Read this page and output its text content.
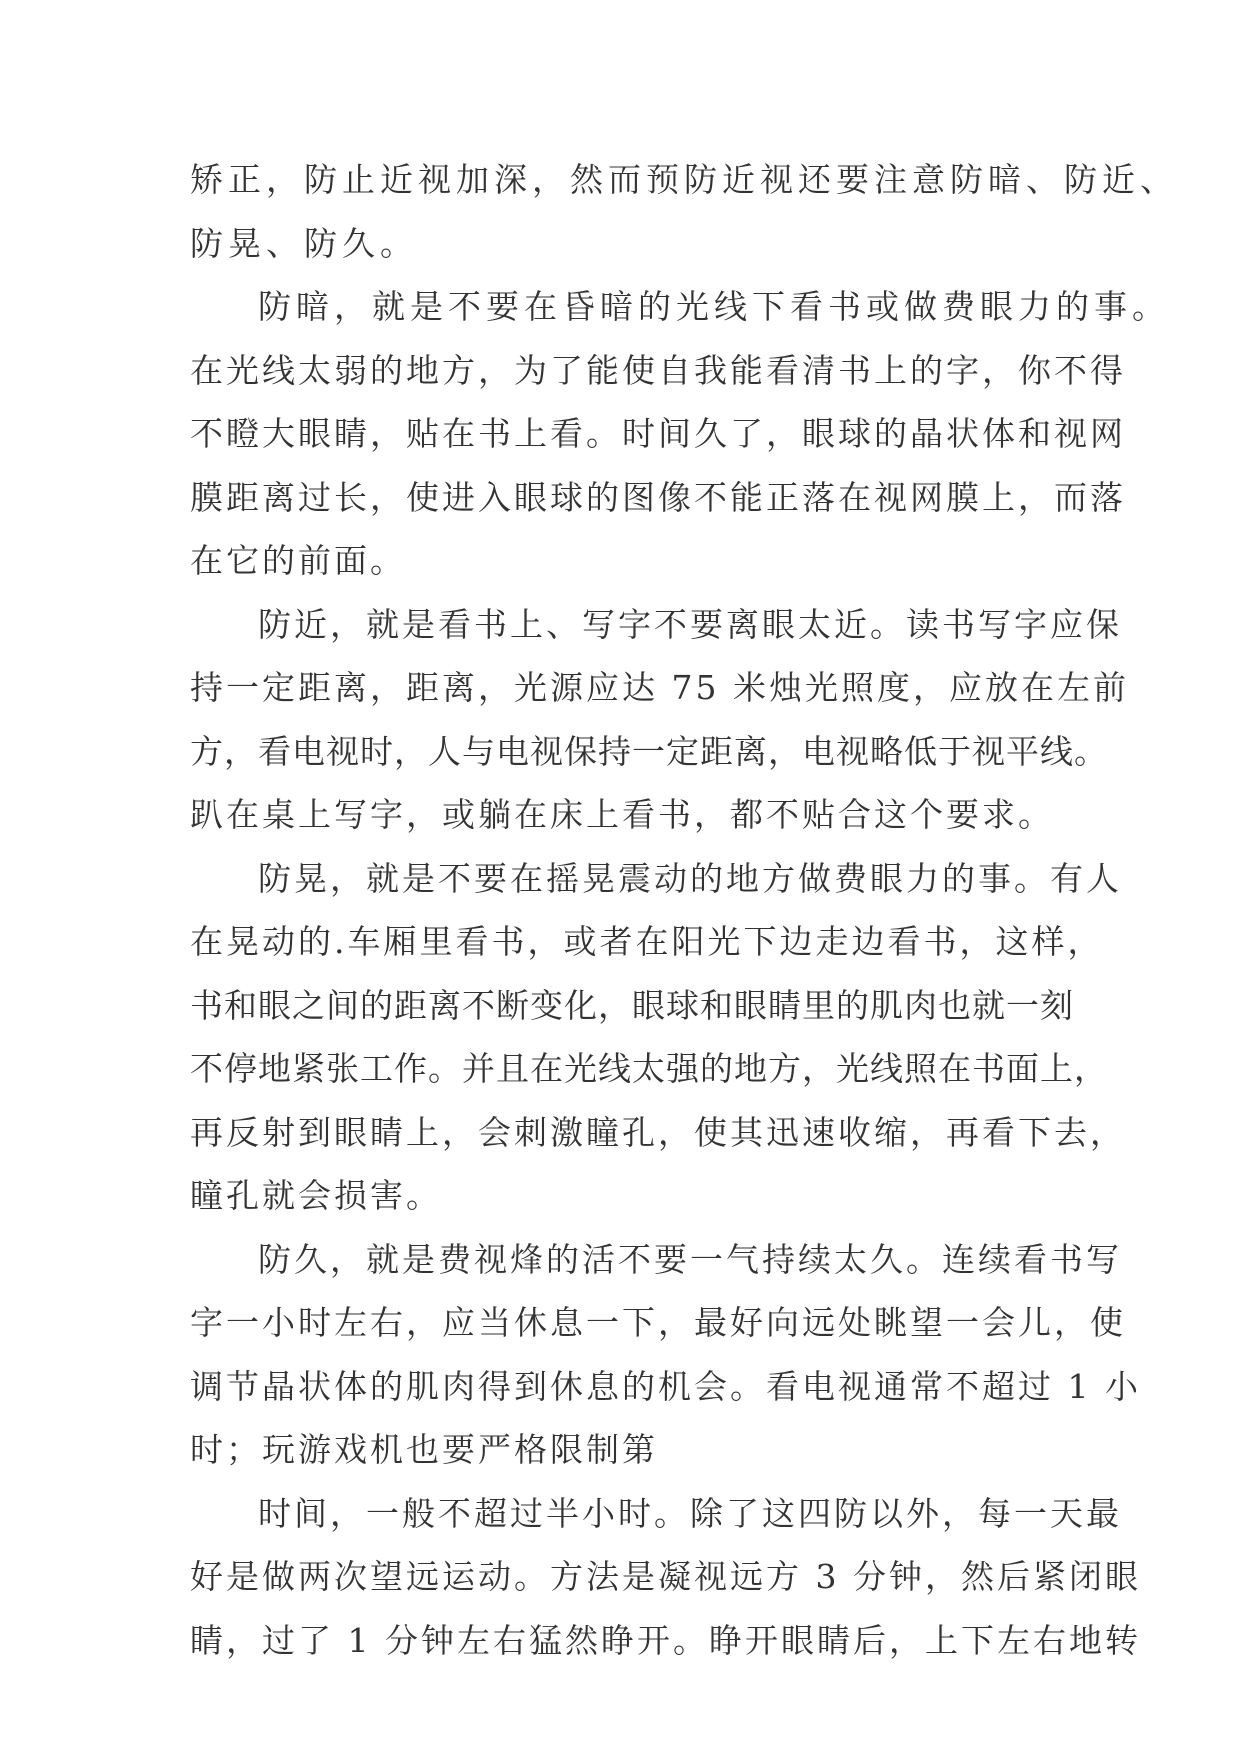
矫正，防止近视加深，然而预防近视还要注意防暗、防近、
防晃、防久。
防暗，就是不要在昏暗的光线下看书或做费眼力的事。
在光线太弱的地方，为了能使自我能看清书上的字，你不得
不瞪大眼睛，贴在书上看。时间久了，眼球的晶状体和视网
膜距离过长，使进入眼球的图像不能正落在视网膜上，而落
在它的前面。
防近，就是看书上、写字不要离眼太近。读书写字应保
持一定距离，距离，光源应达 75 米烛光照度，应放在左前
方，看电视时，人与电视保持一定距离，电视略低于视平线。
趴在桌上写字，或躺在床上看书，都不贴合这个要求。
防晃，就是不要在摇晃震动的地方做费眼力的事。有人
在晃动的.车厢里看书，或者在阳光下边走边看书，这样，
书和眼之间的距离不断变化，眼球和眼睛里的肌肉也就一刻
不停地紧张工作。并且在光线太强的地方，光线照在书面上，
再反射到眼睛上，会刺激瞳孔，使其迅速收缩，再看下去，
瞳孔就会损害。
防久，就是费视烽的活不要一气持续太久。连续看书写
字一小时左右，应当休息一下，最好向远处眺望一会儿，使
调节晶状体的肌肉得到休息的机会。看电视通常不超过 1 小
时；玩游戏机也要严格限制第
时间，一般不超过半小时。除了这四防以外，每一天最
好是做两次望远运动。方法是凝视远方 3 分钟，然后紧闭眼
睛，过了 1 分钟左右猛然睁开。睁开眼睛后，上下左右地转
